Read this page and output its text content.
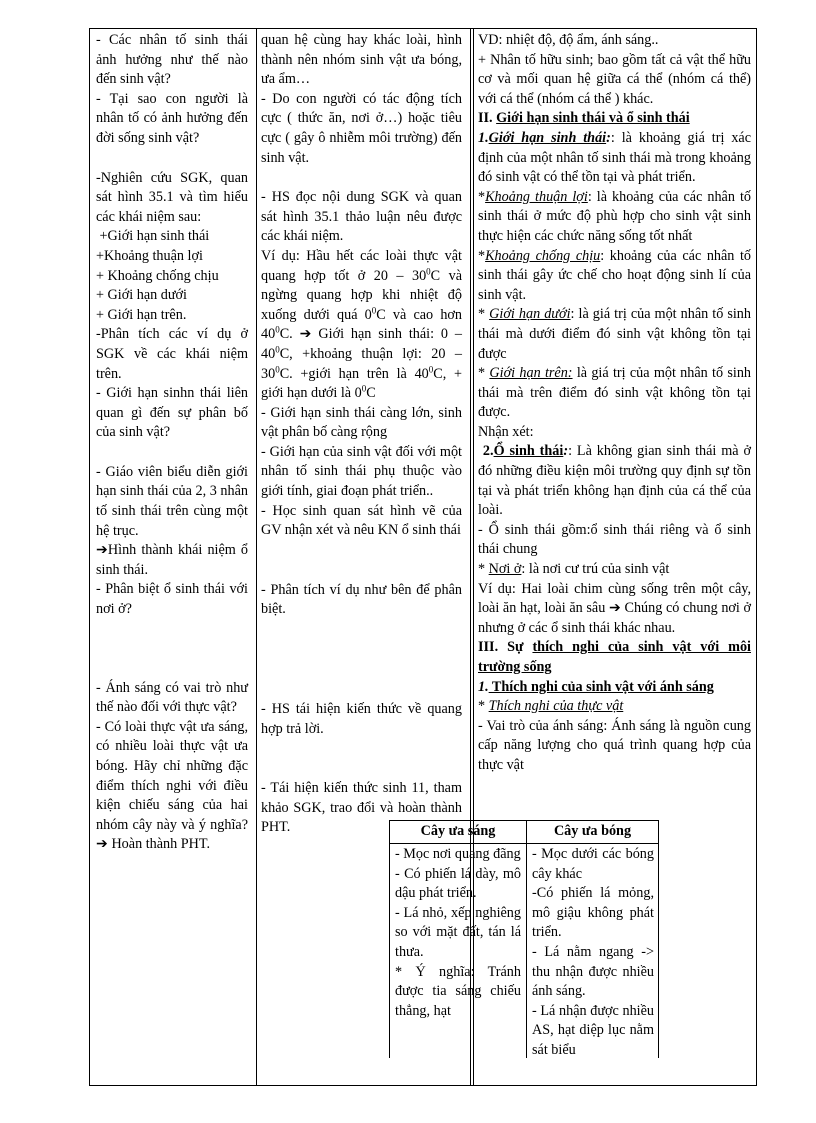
- Các nhân tố sinh thái ảnh hưởng như thế nào đến sinh vật?

- Tại sao con người là nhân tố có ảnh hưởng đến đời sống sinh vật?

-Nghiên cứu SGK, quan sát hình 35.1 và tìm hiểu các khái niệm sau:

+Giới hạn sinh thái

+Khoảng thuận lợi

+ Khoảng chống chịu

+ Giới hạn dưới

+ Giới hạn trên.

-Phân tích các ví dụ ở SGK về các khái niệm trên.

- Giới hạn sinhn thái liên quan gì đến sự phân bố của sinh vật?

- Giáo viên biểu diễn giới hạn sinh thái của 2, 3 nhân tố sinh thái trên cùng một hệ trục.

➔Hình thành khái niệm ổ sinh thái.

- Phân biệt ổ sinh thái với nơi ở?

- Ánh sáng có vai trò như thế nào đối với thực vật?

- Có loài thực vật ưa sáng, có nhiều loài thực vật ưa bóng. Hãy chỉ những đặc điểm thích nghi với điều kiện chiếu sáng của hai nhóm cây này và ý nghĩa? ➔ Hoàn thành PHT.

quan hệ cùng hay khác loài, hình thành nên nhóm sinh vật ưa bóng, ưa ẩm…

- Do con người có tác động tích cực ( thức ăn, nơi ở…) hoặc tiêu cực ( gây ô nhiễm môi trường) đến sinh vật.

- HS đọc nội dung SGK và quan sát hình 35.1 thảo luận nêu được các khái niệm.

Ví dụ: Hầu hết các loài thực vật quang hợp tốt ở $20 - 30^0C$ và ngừng quang hợp khi nhiệt độ xuống dưới quá $0^0C$ và cao hơn $40^0C$. ➔ Giới hạn sinh thái: $0 - 40^0C$, +khoảng thuận lợi: $20 - 30^0C$. +giới hạn trên là $40^0C$, + giới hạn dưới là $0^0C$

- Giới hạn sinh thái càng lớn, sinh vật phân bố càng rộng

- Giới hạn của sinh vật đối với một nhân tố sinh thái phụ thuộc vào giới tính, giai đoạn phát triển..

- Học sinh quan sát hình vẽ của GV nhận xét và nêu KN ổ sinh thái

- Phân tích ví dụ như bên để phân biệt.

- HS tái hiện kiến thức về quang hợp trả lời.

- Tái hiện kiến thức sinh 11, tham khảo SGK, trao đổi và hoàn thành PHT.

VD: nhiệt độ, độ ẩm, ánh sáng..

+ Nhân tố hữu sinh; bao gồm tất cả vật thể hữu cơ và mối quan hệ giữa cá thể (nhóm cá thể) với cá thể (nhóm cá thể ) khác.

II. Giới hạn sinh thái và ổ sinh thái

1.Giới hạn sinh thái:: là khoảng giá trị xác định của một nhân tố sinh thái mà trong khoảng đó sinh vật có thể tồn tại và phát triển.

*Khoảng thuận lợi: là khoảng của các nhân tố sinh thái ở mức độ phù hợp cho sinh vật sinh thực hiện các chức năng sống tốt nhất

*Khoảng chống chịu: khoảng của các nhân tố sinh thái gây ức chế cho hoạt động sinh lí của sinh vật.

* Giới hạn dưới: là giá trị của một nhân tố sinh thái mà dưới điểm đó sinh vật không tồn tại được

* Giới hạn trên: là giá trị của một nhân tố sinh thái mà trên điểm đó sinh vật không tồn tại được.

Nhận xét:

2.Ổ sinh thái:: Là không gian sinh thái mà ở đó những điều kiện môi trường quy định sự tồn tại và phát triển không hạn định của cá thể của loài.

- Ổ sinh thái gồm:ổ sinh thái riêng và ổ sinh thái chung

* Nơi ở: là nơi cư trú của sinh vật

Ví dụ: Hai loài chim cùng sống trên một cây, loài ăn hạt, loài ăn sâu ➔ Chúng có chung nơi ở nhưng ở các ổ sinh thái khác nhau.

III. Sự thích nghi của sinh vật với môi trường sống

1. Thích nghi của sinh vật với ánh sáng

* Thích nghi của thực vật

- Vai trò của ánh sáng: Ánh sáng là nguồn cung cấp năng lượng cho quá trình quang hợp của thực vật

Cây ưa sáng	Cây ưa bóng

- Mọc nơi quang đãng

- Có phiến lá dày, mô dậu phát triển.

- Lá nhỏ, xếp nghiêng so với mặt đất, tán lá thưa.

* Ý nghĩa: Tránh được tia sáng chiếu thẳng, hạt

- Mọc dưới các bóng cây khác

-Có phiến lá mỏng, mô giậu không phát triển.

- Lá nằm ngang -> thu nhận được nhiều ánh sáng.

- Lá nhận được nhiều AS, hạt diệp lục nằm sát biểu
